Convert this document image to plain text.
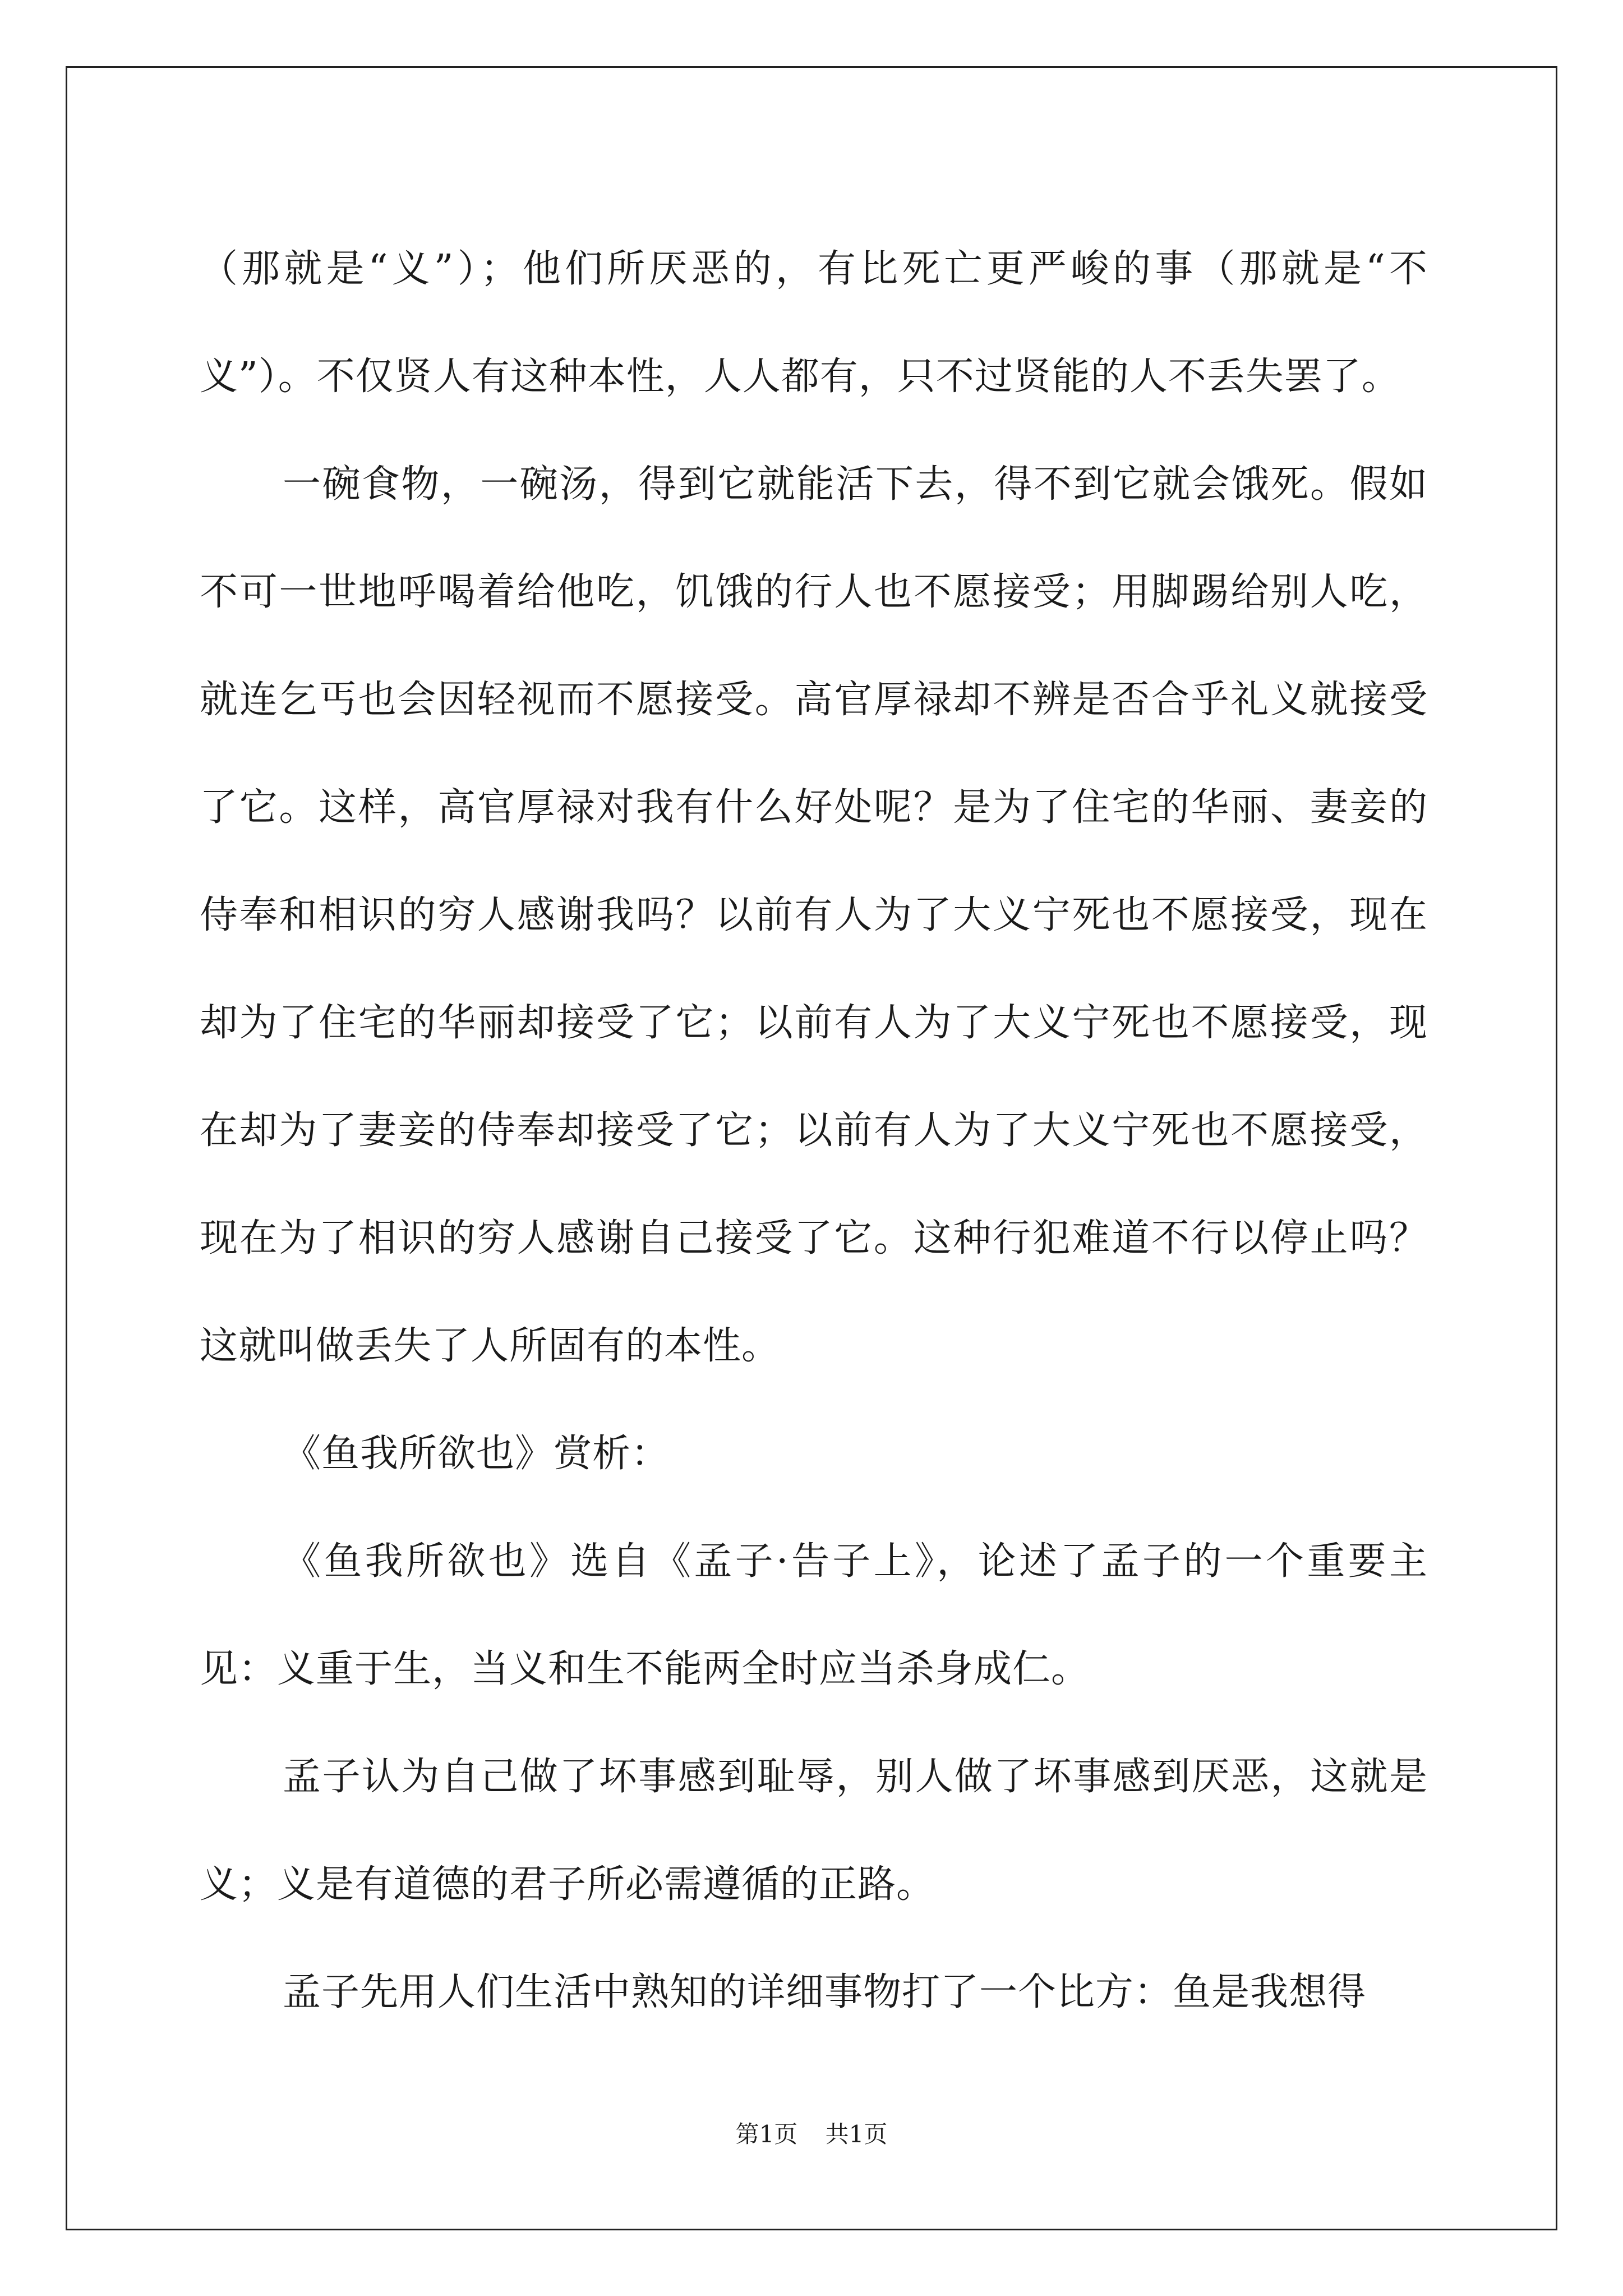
（那就是“义”）；他们所厌恶的，有比死亡更严峻的事（那就是“不义”）。不仅贤人有这种本性，人人都有，只不过贤能的人不丢失罢了。

一碗食物，一碗汤，得到它就能活下去，得不到它就会饿死。假如不可一世地呼喝着给他吃，饥饿的行人也不愿接受；用脚踢给别人吃，就连乞丐也会因轻视而不愿接受。高官厚禄却不辨是否合乎礼义就接受了它。这样，高官厚禄对我有什么好处呢？是为了住宅的华丽、妻妾的侍奉和相识的穷人感谢我吗？以前有人为了大义宁死也不愿接受，现在却为了住宅的华丽却接受了它；以前有人为了大义宁死也不愿接受，现在却为了妻妾的侍奉却接受了它；以前有人为了大义宁死也不愿接受，现在为了相识的穷人感谢自己接受了它。这种行犯难道不行以停止吗？这就叫做丢失了人所固有的本性。

《鱼我所欲也》赏析：

《鱼我所欲也》选自《孟子·告子上》，论述了孟子的一个重要主见：义重于生，当义和生不能两全时应当杀身成仁。

孟子认为自己做了坏事感到耻辱，别人做了坏事感到厌恶，这就是义；义是有道德的君子所必需遵循的正路。

孟子先用人们生活中熟知的详细事物打了一个比方：鱼是我想得

第1页 共1页
